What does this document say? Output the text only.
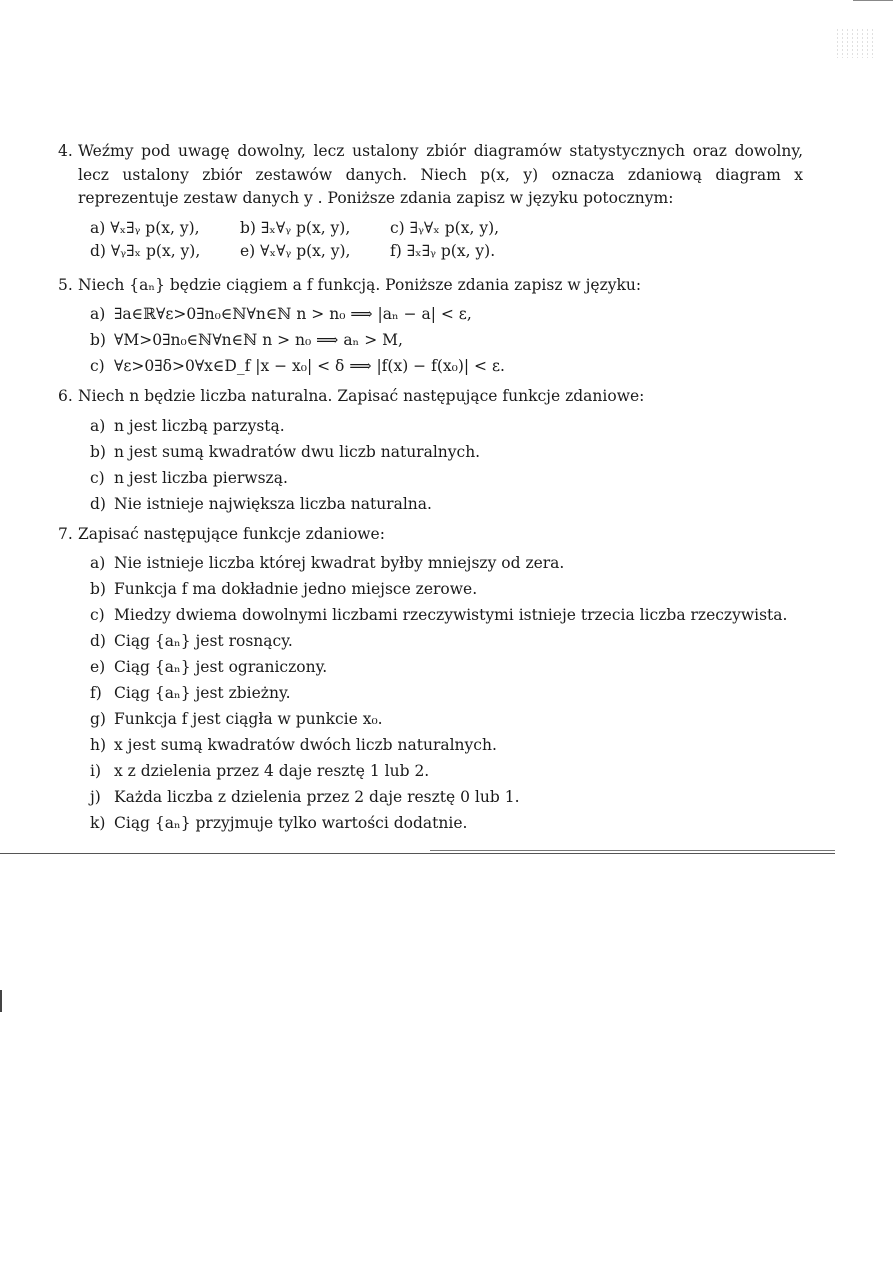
4. Weźmy pod uwagę dowolny, lecz ustalony zbiór diagramów statystycznych oraz dowolny, lecz ustalony zbiór zestawów danych. Niech p(x, y) oznacza zdaniową diagram x reprezentuje zestaw danych y . Poniższe zdania zapisz w języku potocznym:
a) ∀ₓ∃ᵧ p(x, y),	b) ∃ₓ∀ᵧ p(x, y),	c) ∃ᵧ∀ₓ p(x, y),
d) ∀ᵧ∃ₓ p(x, y),	e) ∀ₓ∀ᵧ p(x, y),	f) ∃ₓ∃ᵧ p(x, y).
5. Niech {aₙ} będzie ciągiem a f funkcją. Poniższe zdania zapisz w języku:
a) ∃a∈ℝ∀ε>0∃n₀∈ℕ∀n∈ℕ n > n₀ ⟹ |aₙ − a| < ε,
b) ∀M>0∃n₀∈ℕ∀n∈ℕ n > n₀ ⟹ aₙ > M,
c) ∀ε>0∃δ>0∀x∈D_f |x − x₀| < δ ⟹ |f(x) − f(x₀)| < ε.
6. Niech n będzie liczba naturalna. Zapisać następujące funkcje zdaniowe:
a) n jest liczbą parzystą.
b) n jest sumą kwadratów dwu liczb naturalnych.
c) n jest liczba pierwszą.
d) Nie istnieje największa liczba naturalna.
7. Zapisać następujące funkcje zdaniowe:
a) Nie istnieje liczba której kwadrat byłby mniejszy od zera.
b) Funkcja f ma dokładnie jedno miejsce zerowe.
c) Miedzy dwiema dowolnymi liczbami rzeczywistymi istnieje trzecia liczba rzeczywista.
d) Ciąg {aₙ} jest rosnący.
e) Ciąg {aₙ} jest ograniczony.
f) Ciąg {aₙ} jest zbieżny.
g) Funkcja f jest ciągła w punkcie x₀.
h) x jest sumą kwadratów dwóch liczb naturalnych.
i) x z dzielenia przez 4 daje resztę 1 lub 2.
j) Każda liczba z dzielenia przez 2 daje resztę 0 lub 1.
k) Ciąg {aₙ} przyjmuje tylko wartości dodatnie.
